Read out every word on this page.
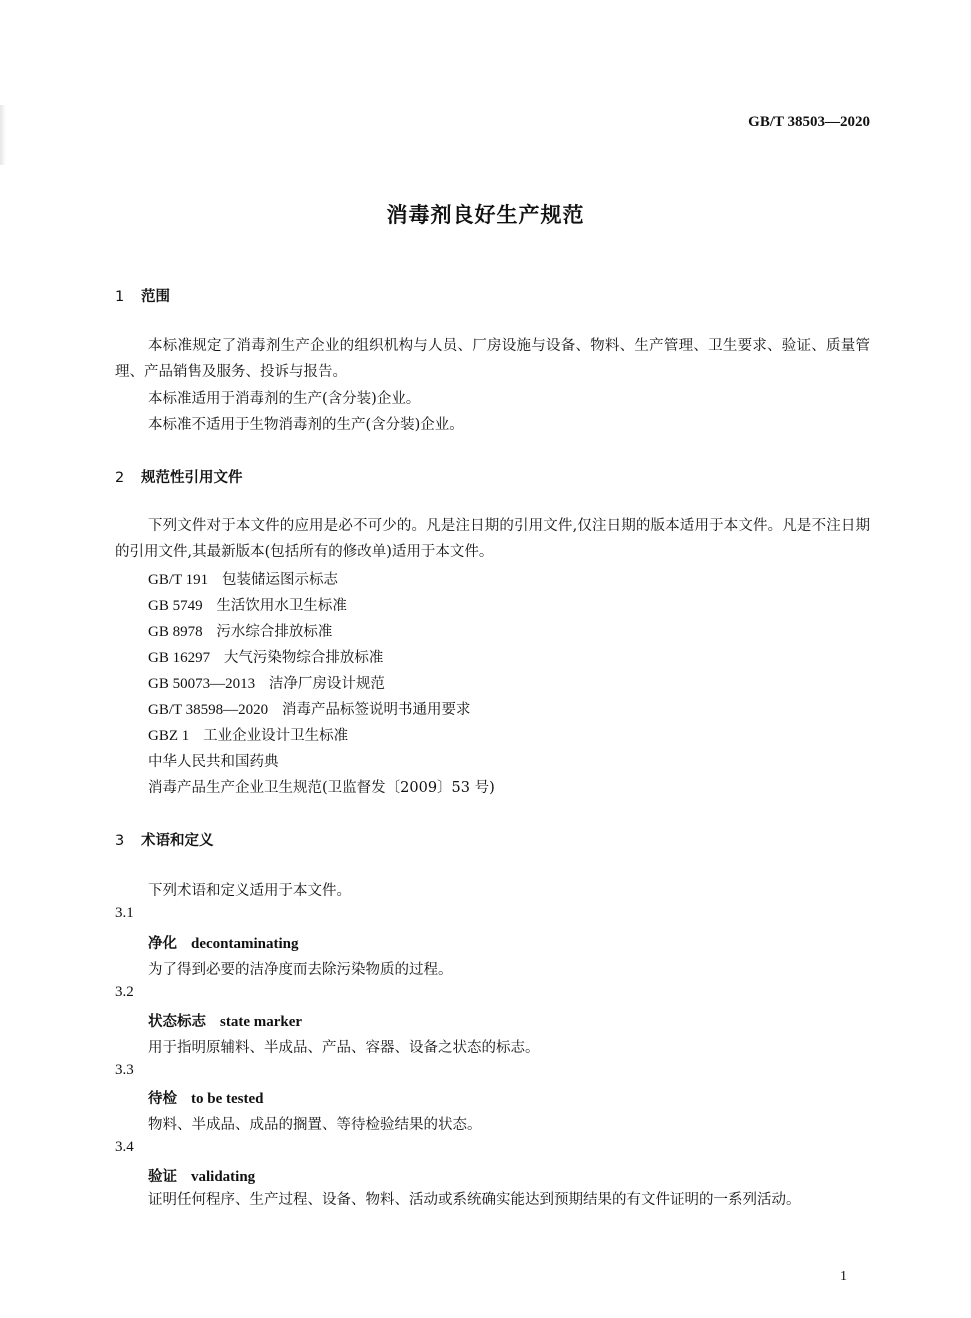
GB/T 38503—2020
消毒剂良好生产规范
1 范围
本标准规定了消毒剂生产企业的组织机构与人员、厂房设施与设备、物料、生产管理、卫生要求、验证、质量管理、产品销售及服务、投诉与报告。
本标准适用于消毒剂的生产(含分装)企业。
本标准不适用于生物消毒剂的生产(含分装)企业。
2 规范性引用文件
下列文件对于本文件的应用是必不可少的。凡是注日期的引用文件,仅注日期的版本适用于本文件。凡是不注日期的引用文件,其最新版本(包括所有的修改单)适用于本文件。
GB/T 191 包装储运图示标志
GB 5749 生活饮用水卫生标准
GB 8978 污水综合排放标准
GB 16297 大气污染物综合排放标准
GB 50073—2013 洁净厂房设计规范
GB/T 38598—2020 消毒产品标签说明书通用要求
GBZ 1 工业企业设计卫生标准
中华人民共和国药典
消毒产品生产企业卫生规范(卫监督发〔2009〕53 号)
3 术语和定义
下列术语和定义适用于本文件。
3.1
净化 decontaminating
为了得到必要的洁净度而去除污染物质的过程。
3.2
状态标志 state marker
用于指明原辅料、半成品、产品、容器、设备之状态的标志。
3.3
待检 to be tested
物料、半成品、成品的搁置、等待检验结果的状态。
3.4
验证 validating
证明任何程序、生产过程、设备、物料、活动或系统确实能达到预期结果的有文件证明的一系列活动。
1
